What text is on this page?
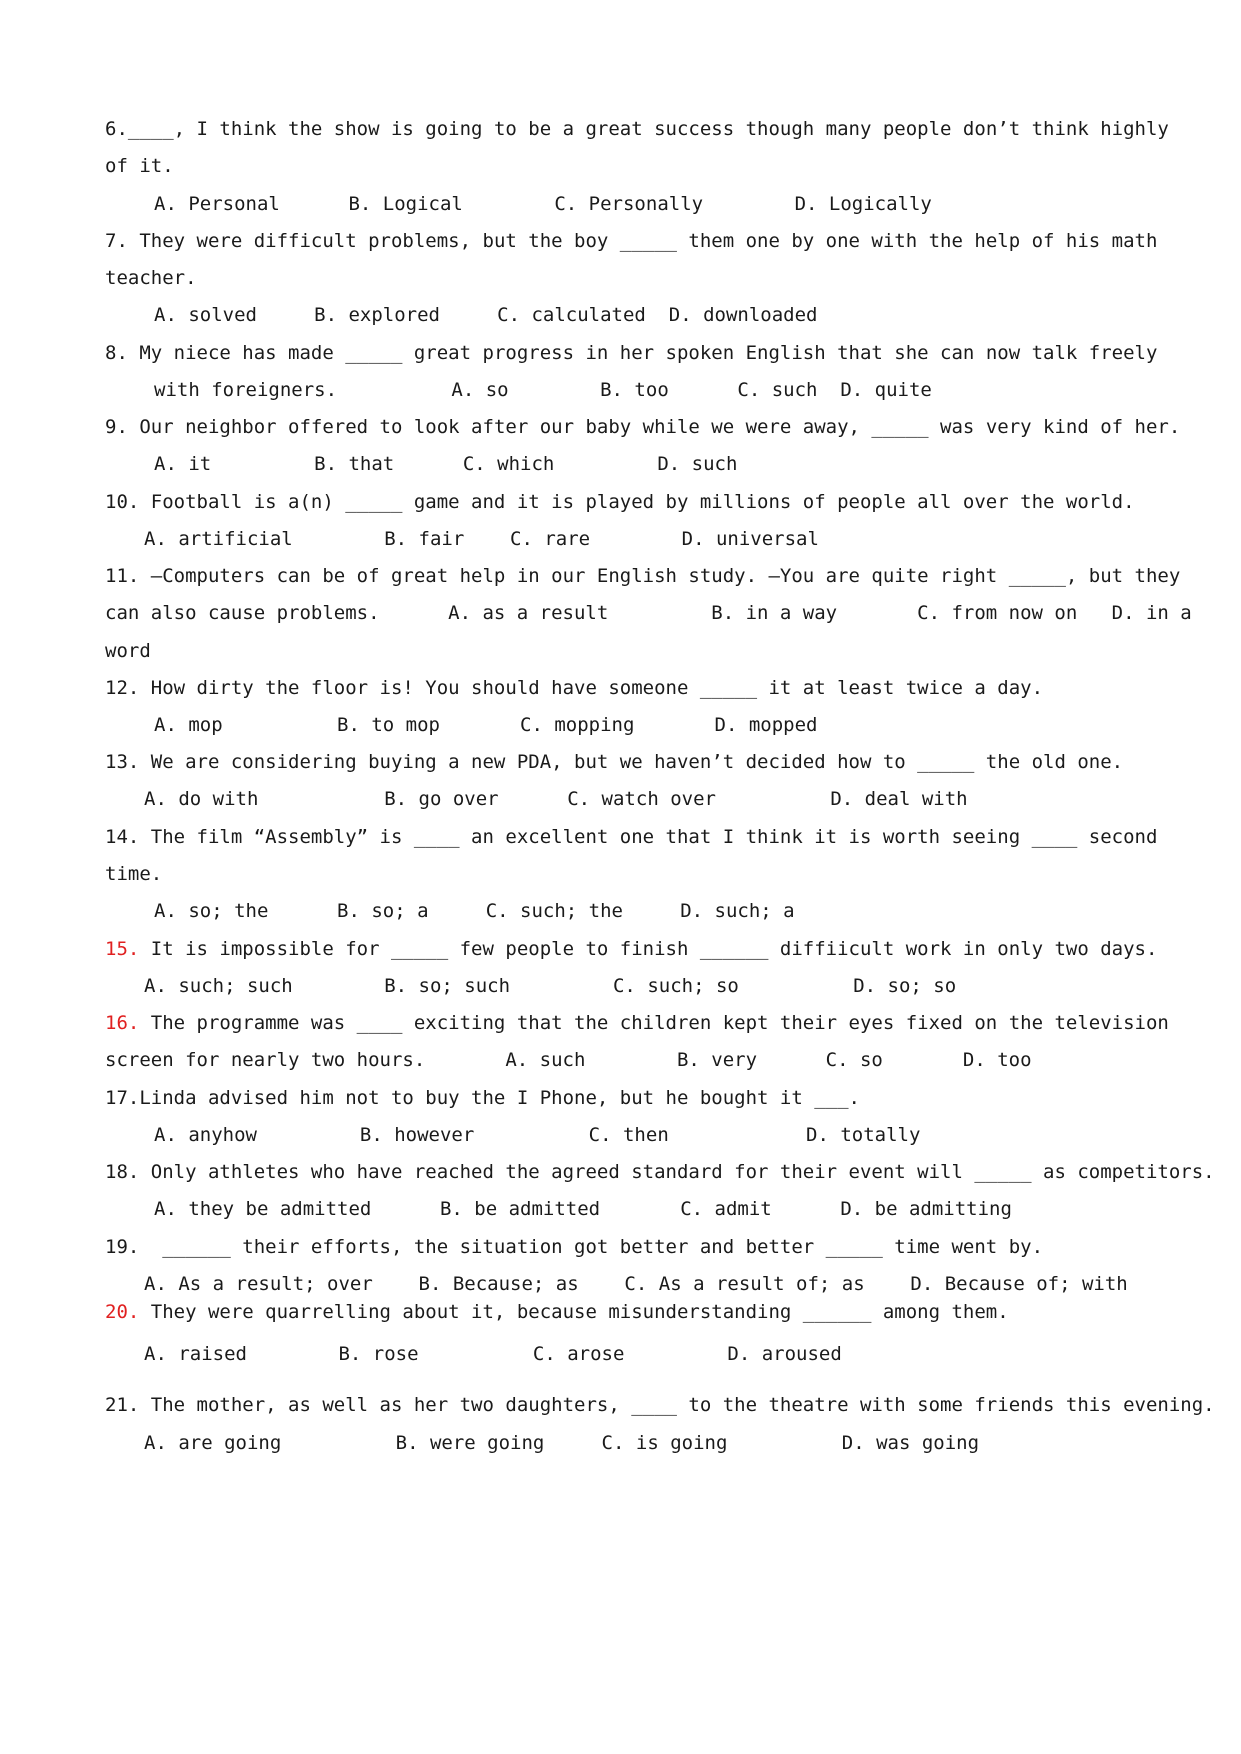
6.____, I think the show is going to be a great success though many people don’t think highly
of it.
A. Personal      B. Logical        C. Personally        D. Logically
7. They were difficult problems, but the boy _____ them one by one with the help of his math
teacher.
A. solved     B. explored     C. calculated  D. downloaded
8. My niece has made _____ great progress in her spoken English that she can now talk freely
with foreigners.          A. so        B. too      C. such  D. quite
9. Our neighbor offered to look after our baby while we were away, _____ was very kind of her.
A. it         B. that      C. which         D. such
10. Football is a(n) _____ game and it is played by millions of people all over the world.
A. artificial        B. fair    C. rare        D. universal
11. —Computers can be of great help in our English study. —You are quite right _____, but they
can also cause problems.      A. as a result         B. in a way       C. from now on   D. in a
word
12. How dirty the floor is! You should have someone _____ it at least twice a day.
A. mop          B. to mop       C. mopping       D. mopped
13. We are considering buying a new PDA, but we haven’t decided how to _____ the old one.
A. do with           B. go over      C. watch over          D. deal with
14. The film “Assembly” is ____ an excellent one that I think it is worth seeing ____ second
time.
A. so; the      B. so; a     C. such; the     D. such; a
15. It is impossible for _____ few people to finish ______ diffiicult work in only two days.
A. such; such        B. so; such         C. such; so          D. so; so
16. The programme was ____ exciting that the children kept their eyes fixed on the television
screen for nearly two hours.       A. such        B. very      C. so       D. too
17.Linda advised him not to buy the I Phone, but he bought it ___.
A. anyhow         B. however          C. then            D. totally
18. Only athletes who have reached the agreed standard for their event will _____ as competitors.
A. they be admitted      B. be admitted       C. admit      D. be admitting
19.  ______ their efforts, the situation got better and better _____ time went by.
A. As a result; over    B. Because; as    C. As a result of; as    D. Because of; with
20. They were quarrelling about it, because misunderstanding ______ among them.
A. raised        B. rose          C. arose         D. aroused
21. The mother, as well as her two daughters, ____ to the theatre with some friends this evening.
A. are going          B. were going     C. is going          D. was going
